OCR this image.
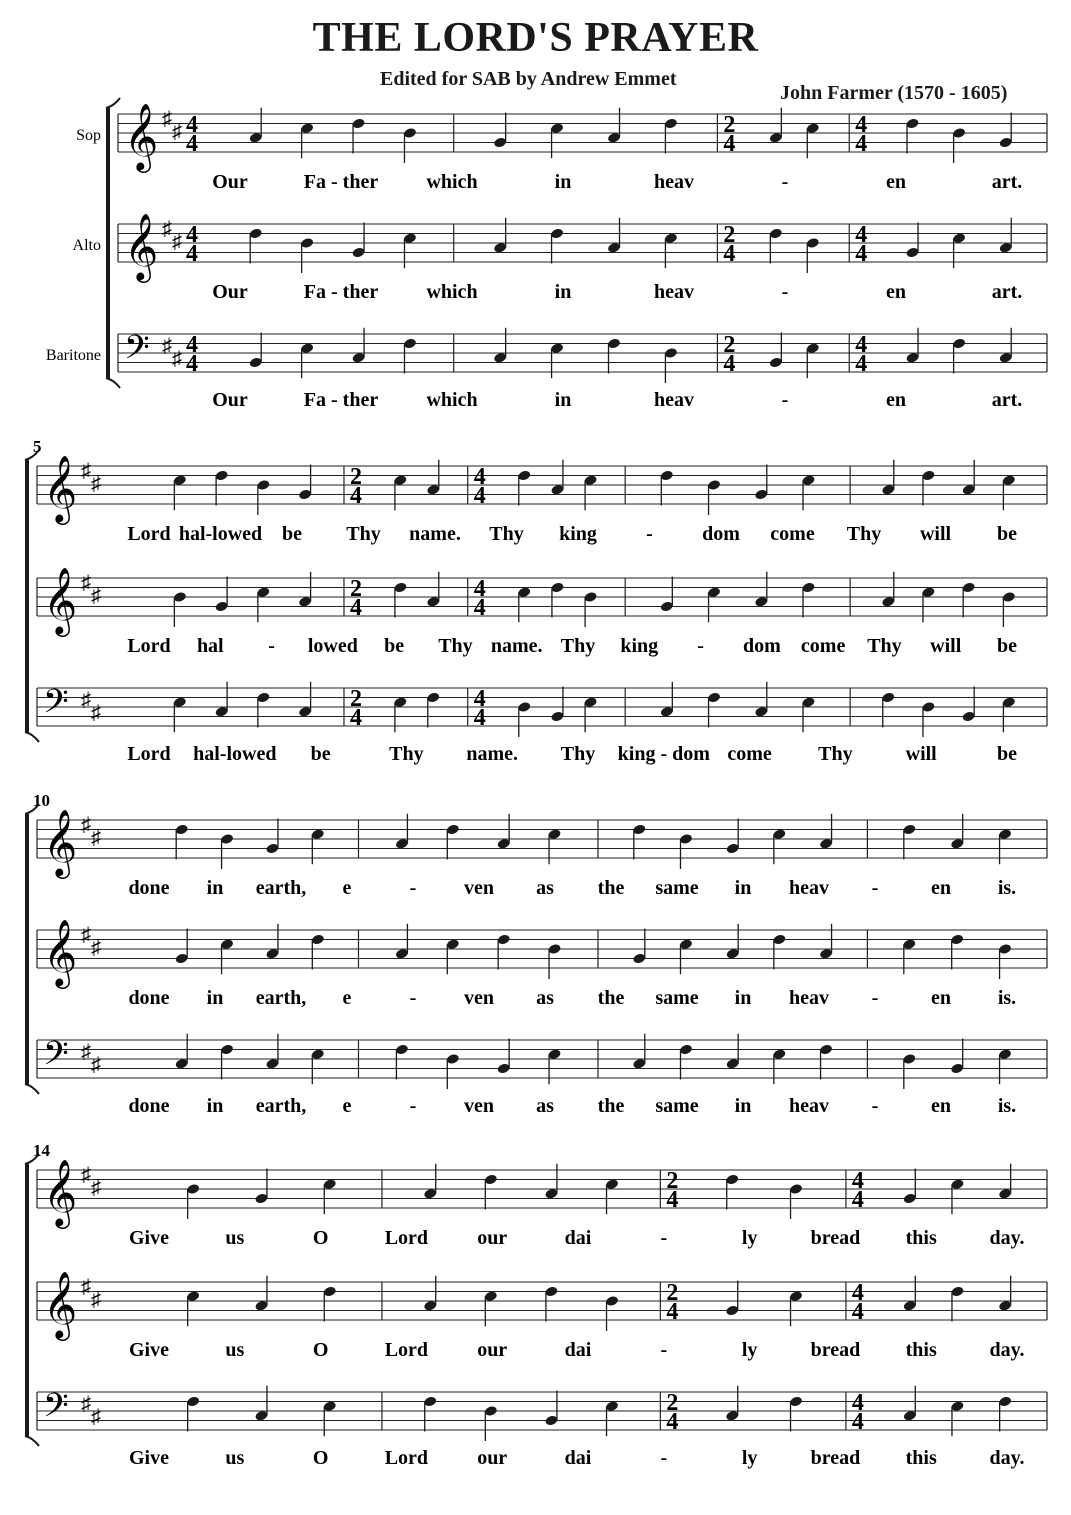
THE LORD'S PRAYER
Edited for SAB by Andrew Emmet
John Farmer (1570 - 1605)
𝄞 ♯
♯ 4
4
2
4
4
4
Our	Fa - ther which	in	heav	-	en	art.
Sop
𝄞 ♯
♯ 4
4
2
4
4
4
Our	Fa - ther which	in	heav	-	en	art.
Alto
𝄢 ♯
♯
4
4
2
4
4
4
Our	Fa - ther which	in	heav	-	en	art.
Baritone
5
𝄞 ♯
♯	2
4
4
4
Lord hal-lowed be Thy name. Thy king - dom come Thy will be
𝄞 ♯
♯	2
4
4
4
Lord hal - lowed be Thy name. Thy king - dom come Thy will be
𝄢 ♯
♯
2
4
4
4
Lord hal-lowed be	Thy name. Thy king - dom come Thy	will	be
10
𝄞 ♯
♯
done in earth, e	- ven as the same in heav -	en is.
𝄞 ♯
♯
done in earth, e	- ven as the same in heav -	en is.
𝄢 ♯
♯
done in earth, e	- ven as the same in heav -	en is.
14
𝄞 ♯
♯	2
4
4
4
Give	us	O	Lord our	dai	-	ly	bread this	day.
𝄞 ♯
♯	2
4
4
4
Give	us	O	Lord our	dai	-	ly	bread this	day.
𝄢 ♯
♯
2
4
4
4
Give	us	O	Lord our	dai	-	ly	bread this	day.
